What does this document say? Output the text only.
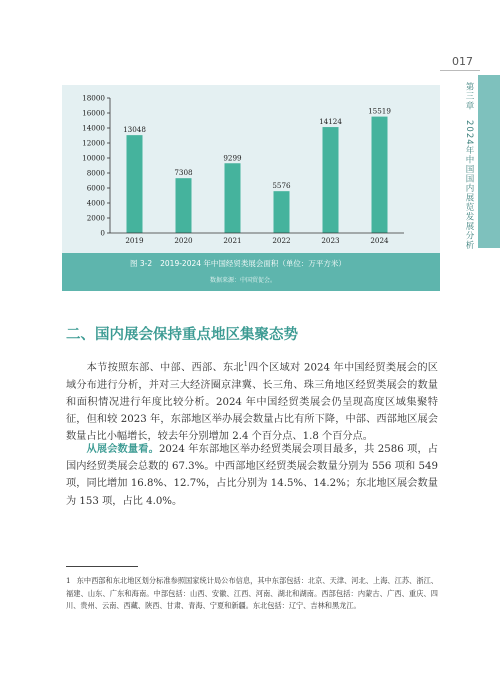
017
第三章　2024年中国国内展览发展分析
0
2000
4000
6000
8000
10000
12000
14000
16000
18000
13048
7308
9299
5576
14124
15519
2019	2020	2021	2022	2023	2024
图 3-2 2019-2024 年中国经贸类展会面积（单位：万平方米）
数据来源：中国贸促会。
二、国内展会保持重点地区集聚态势
  本节按照东部、中部、西部、东北$^1$四个区域对 2024 年中国经贸类展会的区域分布进行分析，并对三大经济圈京津冀、长三角、珠三角地区经贸类展会的数量和面积情况进行年度比较分析。2024 年中国经贸类展会仍呈现高度区域集聚特征，但和较 2023 年，东部地区举办展会数量占比有所下降，中部、西部地区展会数量占比小幅增长，较去年分别增加 2.4 个百分点、1.8 个百分点。
  从展会数量看。2024 年东部地区举办经贸类展会项目最多，共 2586 项，占国内经贸类展会总数的 67.3%。中西部地区经贸类展会数量分别为 556 项和 549 项，同比增加 16.8%、12.7%，占比分别为 14.5%、14.2%；东北地区展会数量为 153 项，占比 4.0%。
1 东中西部和东北地区划分标准参照国家统计局公布信息，其中东部包括：北京、天津、河北、上海、江苏、浙江、福建、山东、广东和海南。中部包括：山西、安徽、江西、河南、湖北和湖南。西部包括：内蒙古、广西、重庆、四川、贵州、云南、西藏、陕西、甘肃、青海、宁夏和新疆。东北包括：辽宁、吉林和黑龙江。
